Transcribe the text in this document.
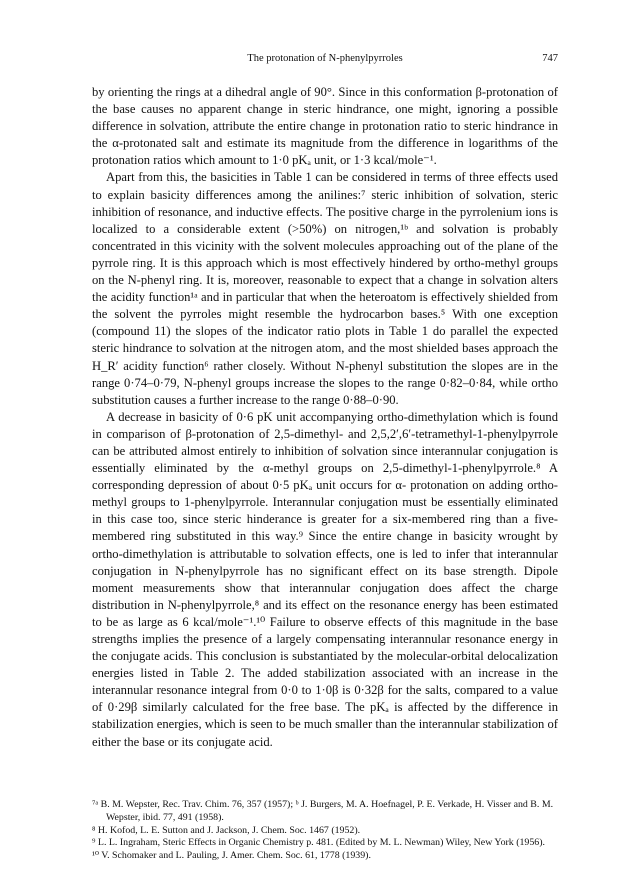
The protonation of N-phenylpyrroles	747

by orienting the rings at a dihedral angle of 90°. Since in this conformation β-protonation of the base causes no apparent change in steric hindrance, one might, ignoring a possible difference in solvation, attribute the entire change in protonation ratio to steric hindrance in the α-protonated salt and estimate its magnitude from the difference in logarithms of the protonation ratios which amount to 1·0 pKₐ unit, or 1·3 kcal/mole⁻¹.

Apart from this, the basicities in Table 1 can be considered in terms of three effects used to explain basicity differences among the anilines:⁷ steric inhibition of solvation, steric inhibition of resonance, and inductive effects. The positive charge in the pyrrolenium ions is localized to a considerable extent (>50%) on nitrogen,¹ᵇ and solvation is probably concentrated in this vicinity with the solvent molecules approaching out of the plane of the pyrrole ring. It is this approach which is most effectively hindered by ortho-methyl groups on the N-phenyl ring. It is, moreover, reasonable to expect that a change in solvation alters the acidity function¹ᵃ and in particular that when the heteroatom is effectively shielded from the solvent the pyrroles might resemble the hydrocarbon bases.⁵ With one exception (compound 11) the slopes of the indicator ratio plots in Table 1 do parallel the expected steric hindrance to solvation at the nitrogen atom, and the most shielded bases approach the H_R′ acidity function⁶ rather closely. Without N-phenyl substitution the slopes are in the range 0·74–0·79, N-phenyl groups increase the slopes to the range 0·82–0·84, while ortho substitution causes a further increase to the range 0·88–0·90.

A decrease in basicity of 0·6 pK unit accompanying ortho-dimethylation which is found in comparison of β-protonation of 2,5-dimethyl- and 2,5,2′,6′-tetramethyl-1-phenylpyrrole can be attributed almost entirely to inhibition of solvation since interannular conjugation is essentially eliminated by the α-methyl groups on 2,5-dimethyl-1-phenylpyrrole.⁸ A corresponding depression of about 0·5 pKₐ unit occurs for α- protonation on adding ortho-methyl groups to 1-phenylpyrrole. Interannular conjugation must be essentially eliminated in this case too, since steric hinderance is greater for a six-membered ring than a five-membered ring substituted in this way.⁹ Since the entire change in basicity wrought by ortho-dimethylation is attributable to solvation effects, one is led to infer that interannular conjugation in N-phenylpyrrole has no significant effect on its base strength. Dipole moment measurements show that interannular conjugation does affect the charge distribution in N-phenylpyrrole,⁸ and its effect on the resonance energy has been estimated to be as large as 6 kcal/mole⁻¹.¹⁰ Failure to observe effects of this magnitude in the base strengths implies the presence of a largely compensating interannular resonance energy in the conjugate acids. This conclusion is substantiated by the molecular-orbital delocalization energies listed in Table 2. The added stabilization associated with an increase in the interannular resonance integral from 0·0 to 1·0β is 0·32β for the salts, compared to a value of 0·29β similarly calculated for the free base. The pKₐ is affected by the difference in stabilization energies, which is seen to be much smaller than the interannular stabilization of either the base or its conjugate acid.

⁷ᵃ B. M. Wepster, Rec. Trav. Chim. 76, 357 (1957); ᵇ J. Burgers, M. A. Hoefnagel, P. E. Verkade, H. Visser and B. M. Wepster, ibid. 77, 491 (1958).

⁸ H. Kofod, L. E. Sutton and J. Jackson, J. Chem. Soc. 1467 (1952).

⁹ L. L. Ingraham, Steric Effects in Organic Chemistry p. 481. (Edited by M. L. Newman) Wiley, New York (1956).

¹⁰ V. Schomaker and L. Pauling, J. Amer. Chem. Soc. 61, 1778 (1939).
